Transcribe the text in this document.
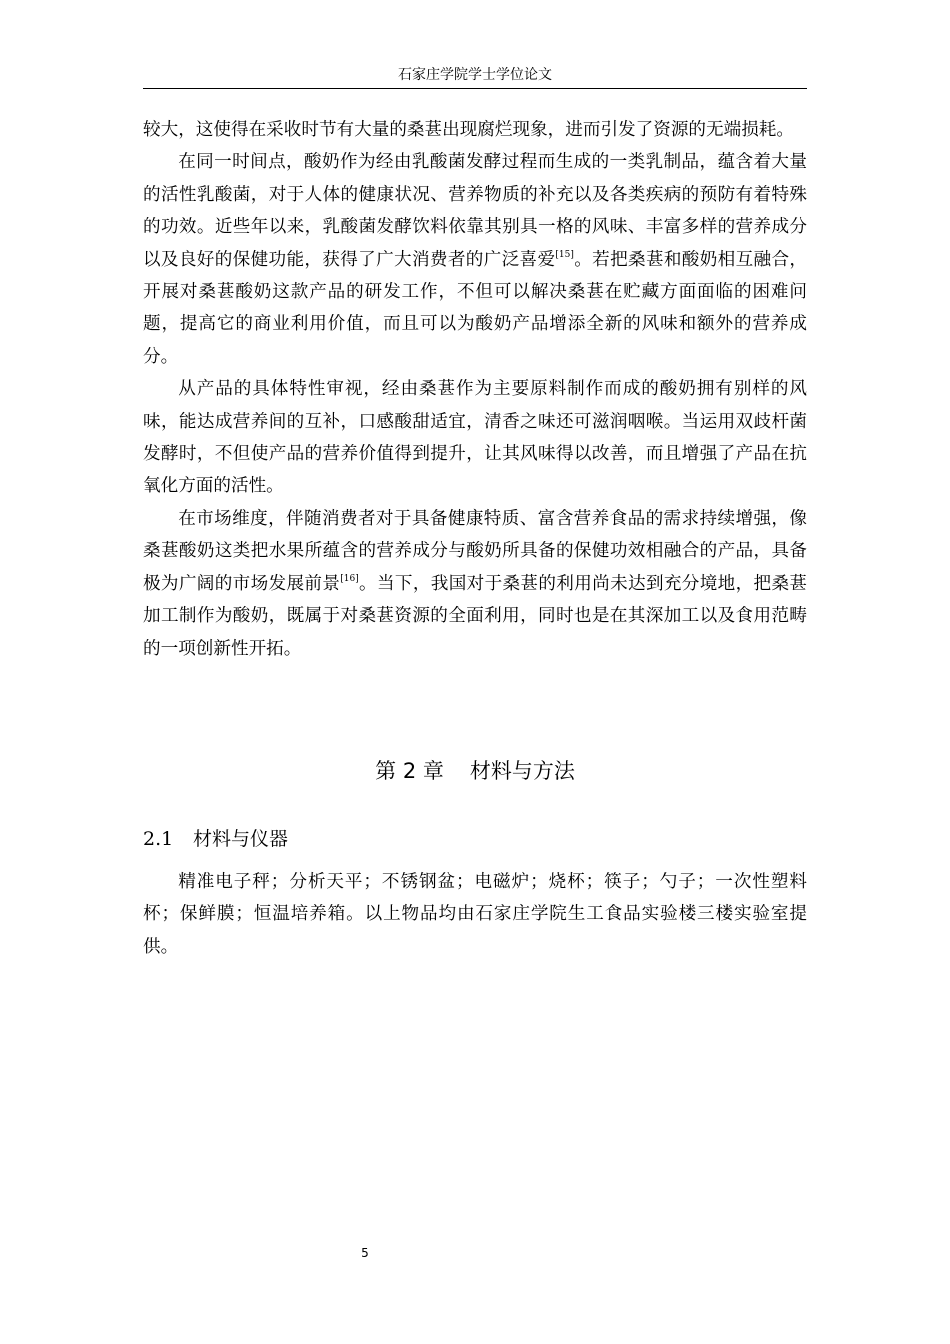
石家庄学院学士学位论文

较大，这使得在采收时节有大量的桑葚出现腐烂现象，进而引发了资源的无端损耗。

在同一时间点，酸奶作为经由乳酸菌发酵过程而生成的一类乳制品，蕴含着大量的活性乳酸菌，对于人体的健康状况、营养物质的补充以及各类疾病的预防有着特殊的功效。近些年以来，乳酸菌发酵饮料依靠其别具一格的风味、丰富多样的营养成分以及良好的保健功能，获得了广大消费者的广泛喜爱[15]。若把桑葚和酸奶相互融合，开展对桑葚酸奶这款产品的研发工作，不但可以解决桑葚在贮藏方面面临的困难问题，提高它的商业利用价值，而且可以为酸奶产品增添全新的风味和额外的营养成分。

从产品的具体特性审视，经由桑葚作为主要原料制作而成的酸奶拥有别样的风味，能达成营养间的互补，口感酸甜适宜，清香之味还可滋润咽喉。当运用双歧杆菌发酵时，不但使产品的营养价值得到提升，让其风味得以改善，而且增强了产品在抗氧化方面的活性。

在市场维度，伴随消费者对于具备健康特质、富含营养食品的需求持续增强，像桑葚酸奶这类把水果所蕴含的营养成分与酸奶所具备的保健功效相融合的产品，具备极为广阔的市场发展前景[16]。当下，我国对于桑葚的利用尚未达到充分境地，把桑葚加工制作为酸奶，既属于对桑葚资源的全面利用，同时也是在其深加工以及食用范畴的一项创新性开拓。

第 2 章 材料与方法
2.1 材料与仪器

精准电子秤；分析天平；不锈钢盆；电磁炉；烧杯；筷子；勺子；一次性塑料杯；保鲜膜；恒温培养箱。以上物品均由石家庄学院生工食品实验楼三楼实验室提供。

5
